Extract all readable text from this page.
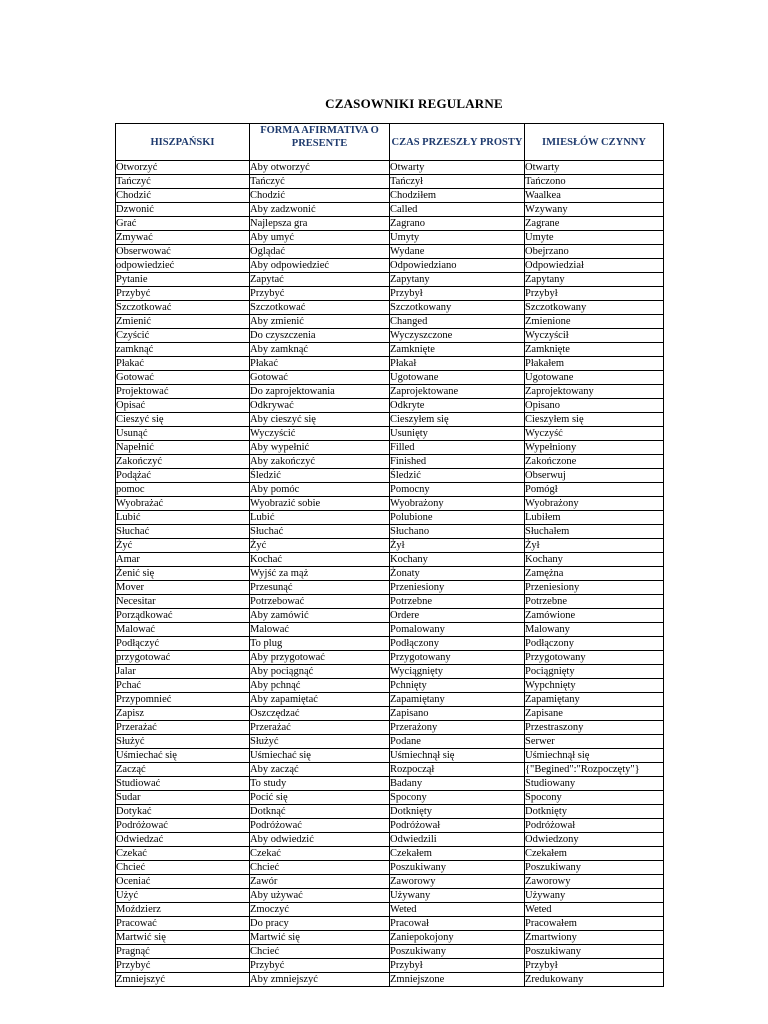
CZASOWNIKI REGULARNE
HISZPAŃSKI	FORMA AFIRMATIVA O PRESENTE	CZAS PRZESZŁY PROSTY	IMIESŁÓW CZYNNY
Otworzyć	Aby otworzyć	Otwarty	Otwarty
Tańczyć	Tańczyć	Tańczył	Tańczono
Chodzić	Chodzić	Chodziłem	Waalkea
Dzwonić	Aby zadzwonić	Called	Wzywany
Grać	Najlepsza gra	Zagrano	Zagrane
Zmywać	Aby umyć	Umyty	Umyte
Obserwować	Oglądać	Wydane	Obejrzano
odpowiedzieć	Aby odpowiedzieć	Odpowiedziano	Odpowiedział
Pytanie	Zapytać	Zapytany	Zapytany
Przybyć	Przybyć	Przybył	Przybył
Szczotkować	Szczotkować	Szczotkowany	Szczotkowany
Zmienić	Aby zmienić	Changed	Zmienione
Czyścić	Do czyszczenia	Wyczyszczone	Wyczyścił
zamknąć	Aby zamknąć	Zamknięte	Zamknięte
Płakać	Płakać	Płakał	Płakałem
Gotować	Gotować	Ugotowane	Ugotowane
Projektować	Do zaprojektowania	Zaprojektowane	Zaprojektowany
Opisać	Odkrywać	Odkryte	Opisano
Cieszyć się	Aby cieszyć się	Cieszyłem się	Cieszyłem się
Usunąć	Wyczyścić	Usunięty	Wyczyść
Napełnić	Aby wypełnić	Filled	Wypełniony
Zakończyć	Aby zakończyć	Finished	Zakończone
Podążać	Śledzić	Śledzić	Obserwuj
pomoc	Aby pomóc	Pomocny	Pomógł
Wyobrażać	Wyobrazić sobie	Wyobrażony	Wyobrażony
Lubić	Lubić	Polubione	Lubiłem
Słuchać	Słuchać	Słuchano	Słuchałem
Żyć	Żyć	Żył	Żył
Amar	Kochać	Kochany	Kochany
Żenić się	Wyjść za mąż	Żonaty	Zamężna
Mover	Przesunąć	Przeniesiony	Przeniesiony
Necesitar	Potrzebować	Potrzebne	Potrzebne
Porządkować	Aby zamówić	Ordere	Zamówione
Malować	Malować	Pomalowany	Malowany
Podłączyć	To plug	Podłączony	Podłączony
przygotować	Aby przygotować	Przygotowany	Przygotowany
Jalar	Aby pociągnąć	Wyciągnięty	Pociągnięty
Pchać	Aby pchnąć	Pchnięty	Wypchnięty
Przypomnieć	Aby zapamiętać	Zapamiętany	Zapamiętany
Zapisz	Oszczędzać	Zapisano	Zapisane
Przerażać	Przerażać	Przerażony	Przestraszony
Służyć	Służyć	Podane	Serwer
Uśmiechać się	Uśmiechać się	Uśmiechnął się	Uśmiechnął się
Zacząć	Aby zacząć	Rozpoczął	{"Begined":"Rozpoczęty"}
Studiować	To study	Badany	Studiowany
Sudar	Pocić się	Spocony	Spocony
Dotykać	Dotknąć	Dotknięty	Dotknięty
Podróżować	Podróżować	Podróżował	Podróżował
Odwiedzać	Aby odwiedzić	Odwiedzili	Odwiedzony
Czekać	Czekać	Czekałem	Czekałem
Chcieć	Chcieć	Poszukiwany	Poszukiwany
Oceniać	Zawór	Zaworowy	Zaworowy
Użyć	Aby używać	Używany	Używany
Moździerz	Zmoczyć	Weted	Weted
Pracować	Do pracy	Pracował	Pracowałem
Martwić się	Martwić się	Zaniepokojony	Zmartwiony
Pragnąć	Chcieć	Poszukiwany	Poszukiwany
Przybyć	Przybyć	Przybył	Przybył
Zmniejszyć	Aby zmniejszyć	Zmniejszone	Zredukowany
